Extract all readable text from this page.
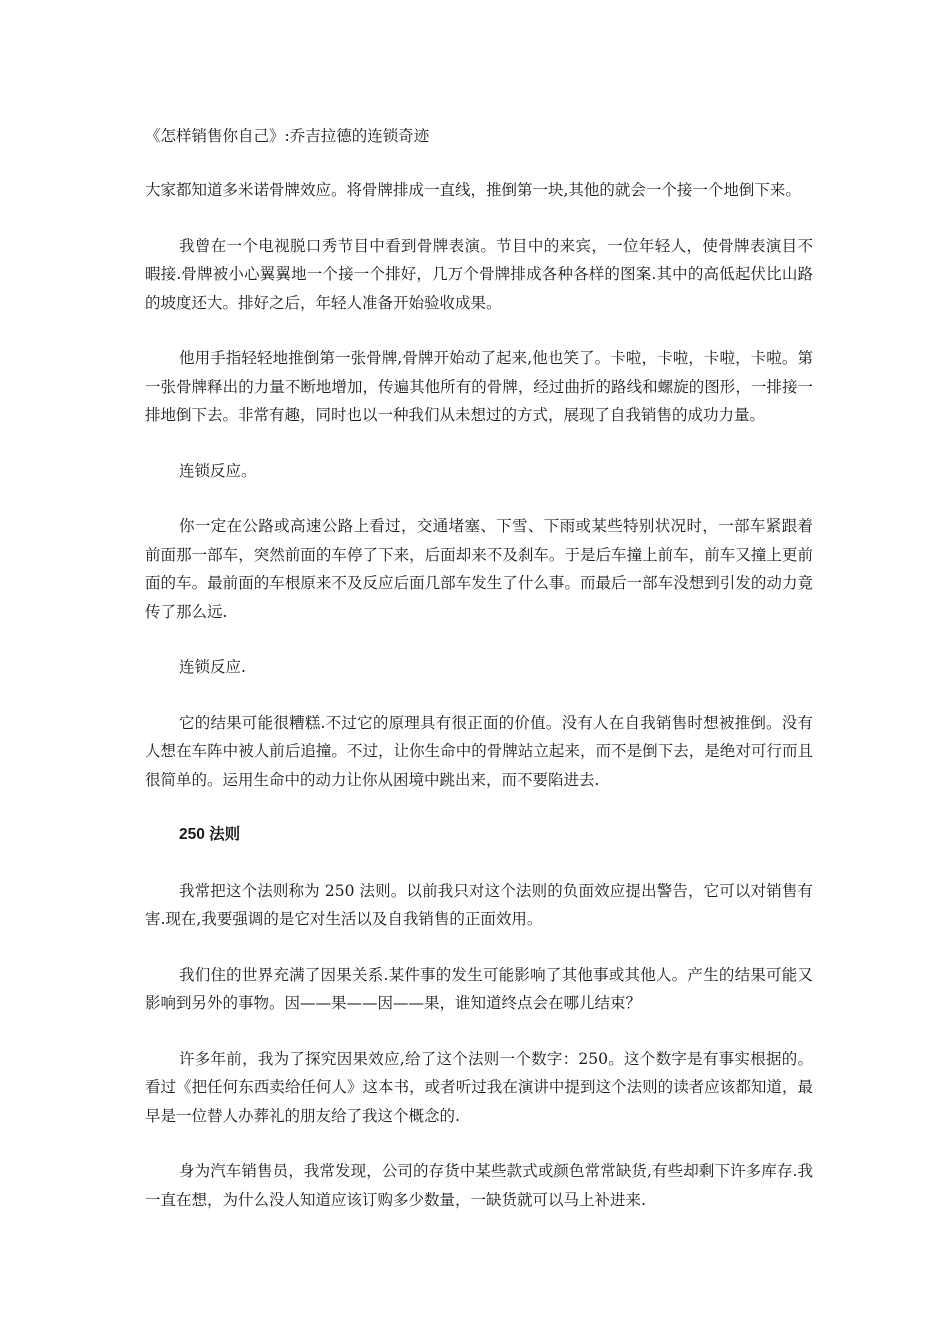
《怎样销售你自己》:乔吉拉德的连锁奇迹

大家都知道多米诺骨牌效应。将骨牌排成一直线，推倒第一块,其他的就会一个接一个地倒下来。

我曾在一个电视脱口秀节目中看到骨牌表演。节目中的来宾，一位年轻人，使骨牌表演目不暇接.骨牌被小心翼翼地一个接一个排好，几万个骨牌排成各种各样的图案.其中的高低起伏比山路的坡度还大。排好之后，年轻人准备开始验收成果。

他用手指轻轻地推倒第一张骨牌,骨牌开始动了起来,他也笑了。卡啦，卡啦，卡啦，卡啦。第一张骨牌释出的力量不断地增加，传遍其他所有的骨牌，经过曲折的路线和螺旋的图形，一排接一排地倒下去。非常有趣，同时也以一种我们从未想过的方式，展现了自我销售的成功力量。

连锁反应。

你一定在公路或高速公路上看过，交通堵塞、下雪、下雨或某些特别状况时，一部车紧跟着前面那一部车，突然前面的车停了下来，后面却来不及刹车。于是后车撞上前车，前车又撞上更前面的车。最前面的车根原来不及反应后面几部车发生了什么事。而最后一部车没想到引发的动力竟传了那么远.

连锁反应.

它的结果可能很糟糕.不过它的原理具有很正面的价值。没有人在自我销售时想被推倒。没有人想在车阵中被人前后追撞。不过，让你生命中的骨牌站立起来，而不是倒下去，是绝对可行而且很简单的。运用生命中的动力让你从困境中跳出来，而不要陷进去.

250 法则

我常把这个法则称为 250 法则。以前我只对这个法则的负面效应提出警告，它可以对销售有害.现在,我要强调的是它对生活以及自我销售的正面效用。

我们住的世界充满了因果关系.某件事的发生可能影响了其他事或其他人。产生的结果可能又影响到另外的事物。因——果——因——果，谁知道终点会在哪儿结束？

许多年前，我为了探究因果效应,给了这个法则一个数字：250。这个数字是有事实根据的。看过《把任何东西卖给任何人》这本书，或者听过我在演讲中提到这个法则的读者应该都知道，最早是一位替人办葬礼的朋友给了我这个概念的.

身为汽车销售员，我常发现，公司的存货中某些款式或颜色常常缺货,有些却剩下许多库存.我一直在想，为什么没人知道应该订购多少数量，一缺货就可以马上补进来.
